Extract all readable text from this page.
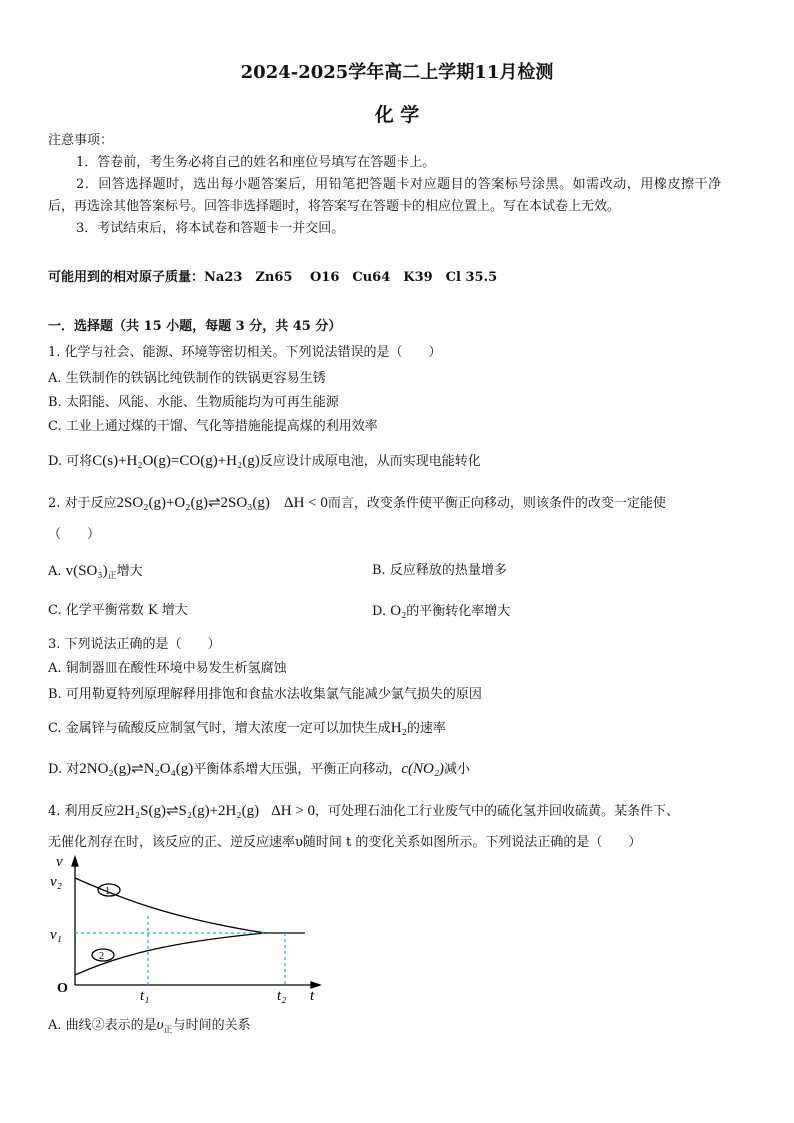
2024-2025学年高二上学期11月检测
化 学
注意事项：
1．答卷前，考生务必将自己的姓名和座位号填写在答题卡上。
2．回答选择题时，选出每小题答案后，用铅笔把答题卡对应题目的答案标号涂黑。如需改动，用橡皮擦干净
后，再选涂其他答案标号。回答非选择题时，将答案写在答题卡的相应位置上。写在本试卷上无效。
3．考试结束后，将本试卷和答题卡一并交回。
可能用到的相对原子质量：Na23　Zn65　 O16　Cu64　K39　Cl 35.5
一．选择题（共 15 小题，每题 3 分，共 45 分）
1. 化学与社会、能源、环境等密切相关。下列说法错误的是（　　）
A. 生铁制作的铁锅比纯铁制作的铁锅更容易生锈
B. 太阳能、风能、水能、生物质能均为可再生能源
C. 工业上通过煤的干馏、气化等措施能提高煤的利用效率
D. 可将C(s)+H₂O(g)=CO(g)+H₂(g)反应设计成原电池，从而实现电能转化
2. 对于反应2SO₂(g)+O₂(g)⇌2SO₃(g) ΔH < 0而言，改变条件使平衡正向移动，则该条件的改变一定能使
（　　）
A. $v(SO_3)_正$增大	B. 反应释放的热量增多
C. 化学平衡常数 K 增大	D. O₂的平衡转化率增大
3. 下列说法正确的是（　　）
A. 铜制器皿在酸性环境中易发生析氢腐蚀
B. 可用勒夏特列原理解释用排饱和食盐水法收集氯气能减少氯气损失的原因
C. 金属锌与硫酸反应制氢气时，增大浓度一定可以加快生成H₂的速率
D. 对2NO₂(g)⇌N₂O₄(g)平衡体系增大压强，平衡正向移动，c(NO₂)减小
4. 利用反应2H₂S(g)⇌S₂(g)+2H₂(g) ΔH > 0，可处理石油化工行业废气中的硫化氢并回收硫黄。某条件下、
无催化剂存在时，该反应的正、逆反应速率υ随时间 t 的变化关系如图所示。下列说法正确的是（　　）
v
t
v₂
v₁
t₁	t₂
O
1
2
A. 曲线②表示的是$\upsilon_正$与时间的关系
